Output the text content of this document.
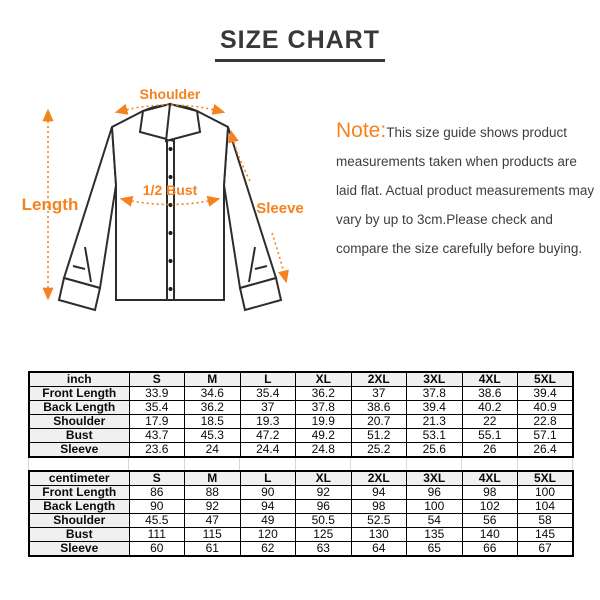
SIZE CHART
Shoulder
Length
1/2 Bust
Sleeve
Note:This size guide shows product measurements taken when products are laid flat. Actual product measurements may vary by up to 3cm.Please check and compare the size carefully before buying.
inch	S	M	L	XL	2XL	3XL	4XL	5XL
Front Length	33.9	34.6	35.4	36.2	37	37.8	38.6	39.4
Back Length	35.4	36.2	37	37.8	38.6	39.4	40.2	40.9
Shoulder	17.9	18.5	19.3	19.9	20.7	21.3	22	22.8
Bust	43.7	45.3	47.2	49.2	51.2	53.1	55.1	57.1
Sleeve	23.6	24	24.4	24.8	25.2	25.6	26	26.4

centimeter	S	M	L	XL	2XL	3XL	4XL	5XL
Front Length	86	88	90	92	94	96	98	100
Back Length	90	92	94	96	98	100	102	104
Shoulder	45.5	47	49	50.5	52.5	54	56	58
Bust	111	115	120	125	130	135	140	145
Sleeve	60	61	62	63	64	65	66	67
